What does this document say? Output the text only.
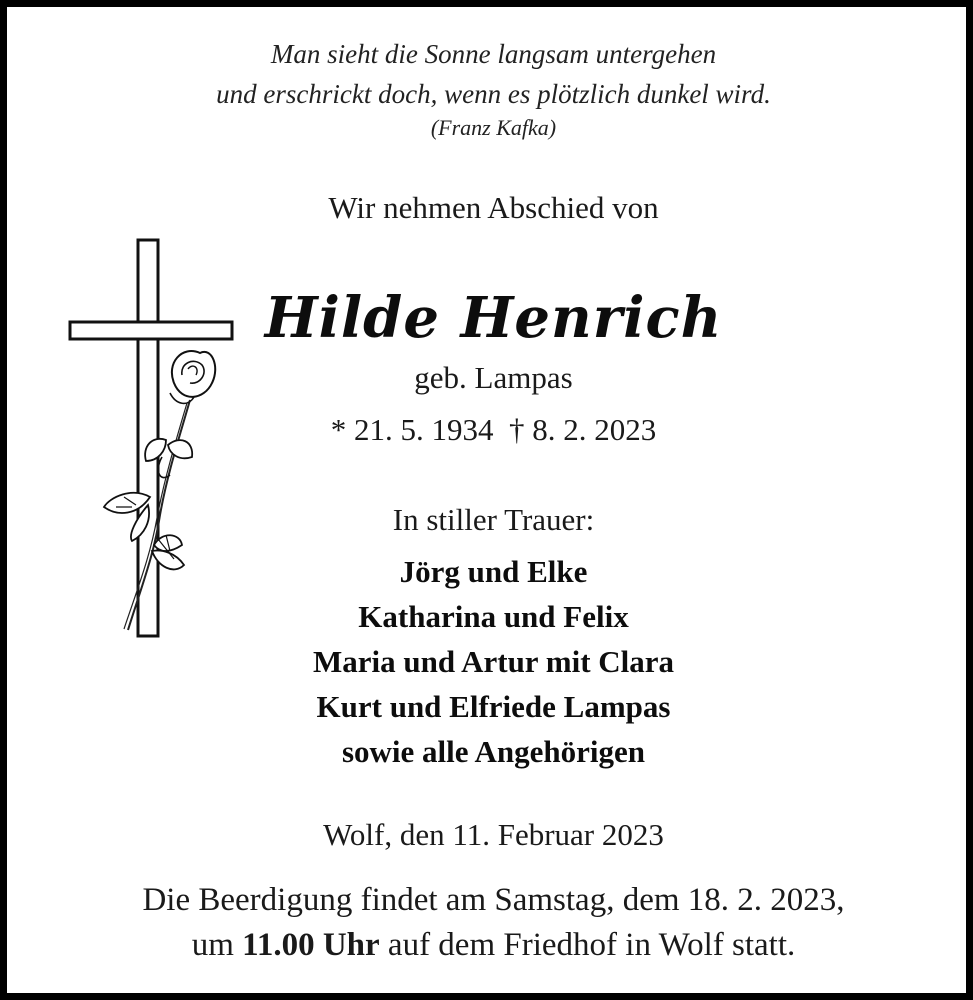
Man sieht die Sonne langsam untergehen
und erschrickt doch, wenn es plötzlich dunkel wird.
(Franz Kafka)
Wir nehmen Abschied von
Hilde Henrich
geb. Lampas
* 21. 5. 1934  † 8. 2. 2023
In stiller Trauer:
Jörg und Elke
Katharina und Felix
Maria und Artur mit Clara
Kurt und Elfriede Lampas
sowie alle Angehörigen
Wolf, den 11. Februar 2023
Die Beerdigung findet am Samstag, dem 18. 2. 2023,
um 11.00 Uhr auf dem Friedhof in Wolf statt.
